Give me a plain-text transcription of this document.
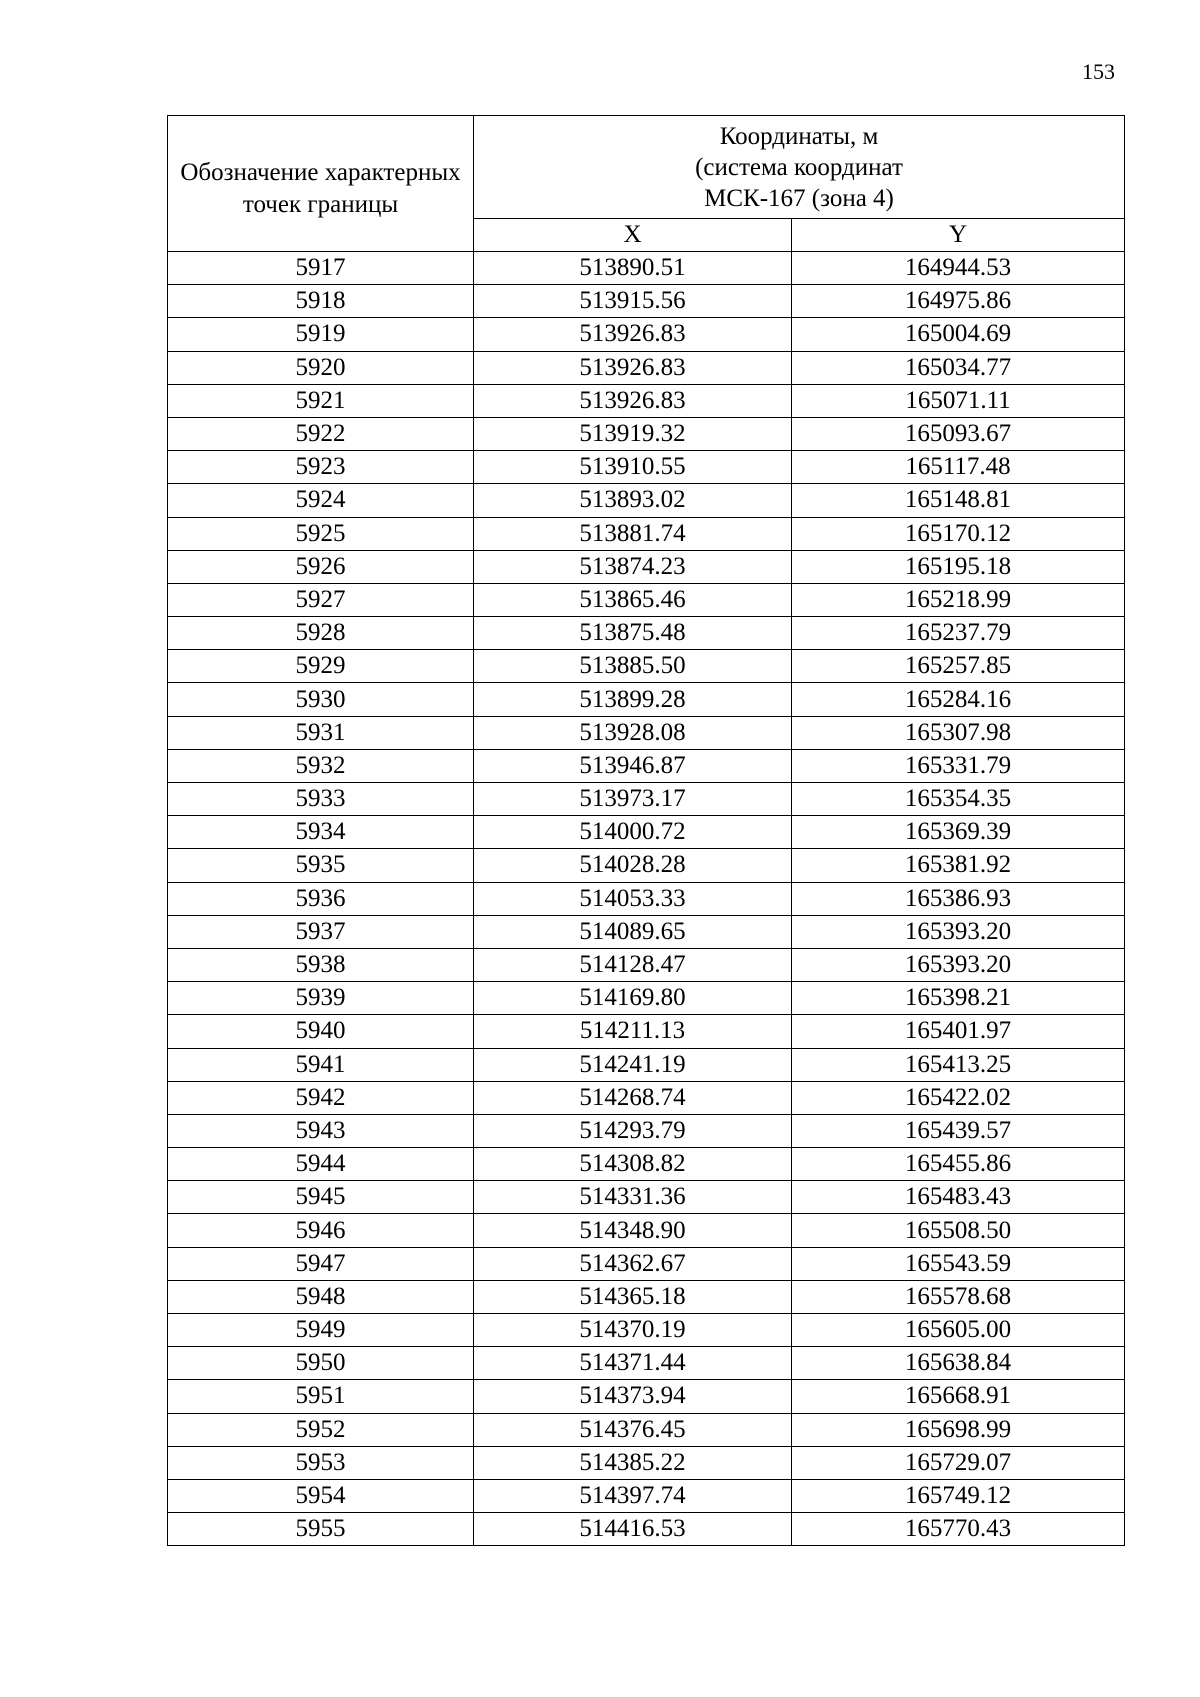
153
Обозначение характерных точек границы	Координаты, м
(система координат
МСК-167 (зона 4)	

	X	Y
5917	513890.51	164944.53
5918	513915.56	164975.86
5919	513926.83	165004.69
5920	513926.83	165034.77
5921	513926.83	165071.11
5922	513919.32	165093.67
5923	513910.55	165117.48
5924	513893.02	165148.81
5925	513881.74	165170.12
5926	513874.23	165195.18
5927	513865.46	165218.99
5928	513875.48	165237.79
5929	513885.50	165257.85
5930	513899.28	165284.16
5931	513928.08	165307.98
5932	513946.87	165331.79
5933	513973.17	165354.35
5934	514000.72	165369.39
5935	514028.28	165381.92
5936	514053.33	165386.93
5937	514089.65	165393.20
5938	514128.47	165393.20
5939	514169.80	165398.21
5940	514211.13	165401.97
5941	514241.19	165413.25
5942	514268.74	165422.02
5943	514293.79	165439.57
5944	514308.82	165455.86
5945	514331.36	165483.43
5946	514348.90	165508.50
5947	514362.67	165543.59
5948	514365.18	165578.68
5949	514370.19	165605.00
5950	514371.44	165638.84
5951	514373.94	165668.91
5952	514376.45	165698.99
5953	514385.22	165729.07
5954	514397.74	165749.12
5955	514416.53	165770.43
